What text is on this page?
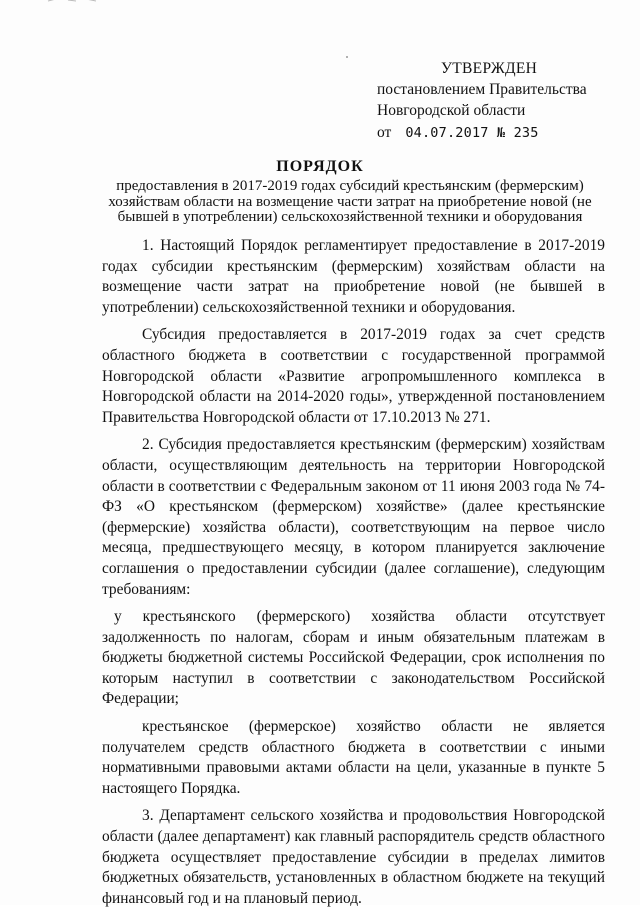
УТВЕРЖДЕН
постановлением Правительства
Новгородской области
от 04.07.2017 № 235
ПОРЯДОК
предоставления в 2017-2019 годах субсидий крестьянским (фермерским) хозяйствам области на возмещение части затрат на приобретение новой (не бывшей в употреблении) сельскохозяйственной техники и оборудования

1. Настоящий Порядок регламентирует предоставление в 2017-2019 годах субсидии крестьянским (фермерским) хозяйствам области на возмещение части затрат на приобретение новой (не бывшей в употреблении) сельскохозяйственной техники и оборудования.

Субсидия предоставляется в 2017-2019 годах за счет средств областного бюджета в соответствии с государственной программой Новгородской области «Развитие агропромышленного комплекса в Новгородской области на 2014-2020 годы», утвержденной постановлением Правительства Новгородской области от 17.10.2013 № 271.

2. Субсидия предоставляется крестьянским (фермерским) хозяйствам области, осуществляющим деятельность на территории Новгородской области в соответствии с Федеральным законом от 11 июня 2003 года № 74-ФЗ «О крестьянском (фермерском) хозяйстве» (далее крестьянские (фермерские) хозяйства области), соответствующим на первое число месяца, предшествующего месяцу, в котором планируется заключение соглашения о предоставлении субсидии (далее соглашение), следующим требованиям:

у крестьянского (фермерского) хозяйства области отсутствует задолженность по налогам, сборам и иным обязательным платежам в бюджеты бюджетной системы Российской Федерации, срок исполнения по которым наступил в соответствии с законодательством Российской Федерации;

крестьянское (фермерское) хозяйство области не является получателем средств областного бюджета в соответствии с иными нормативными правовыми актами области на цели, указанные в пункте 5 настоящего Порядка.

3. Департамент сельского хозяйства и продовольствия Новгородской области (далее департамент) как главный распорядитель средств областного бюджета осуществляет предоставление субсидии в пределах лимитов бюджетных обязательств, установленных в областном бюджете на текущий финансовый год и на плановый период.
